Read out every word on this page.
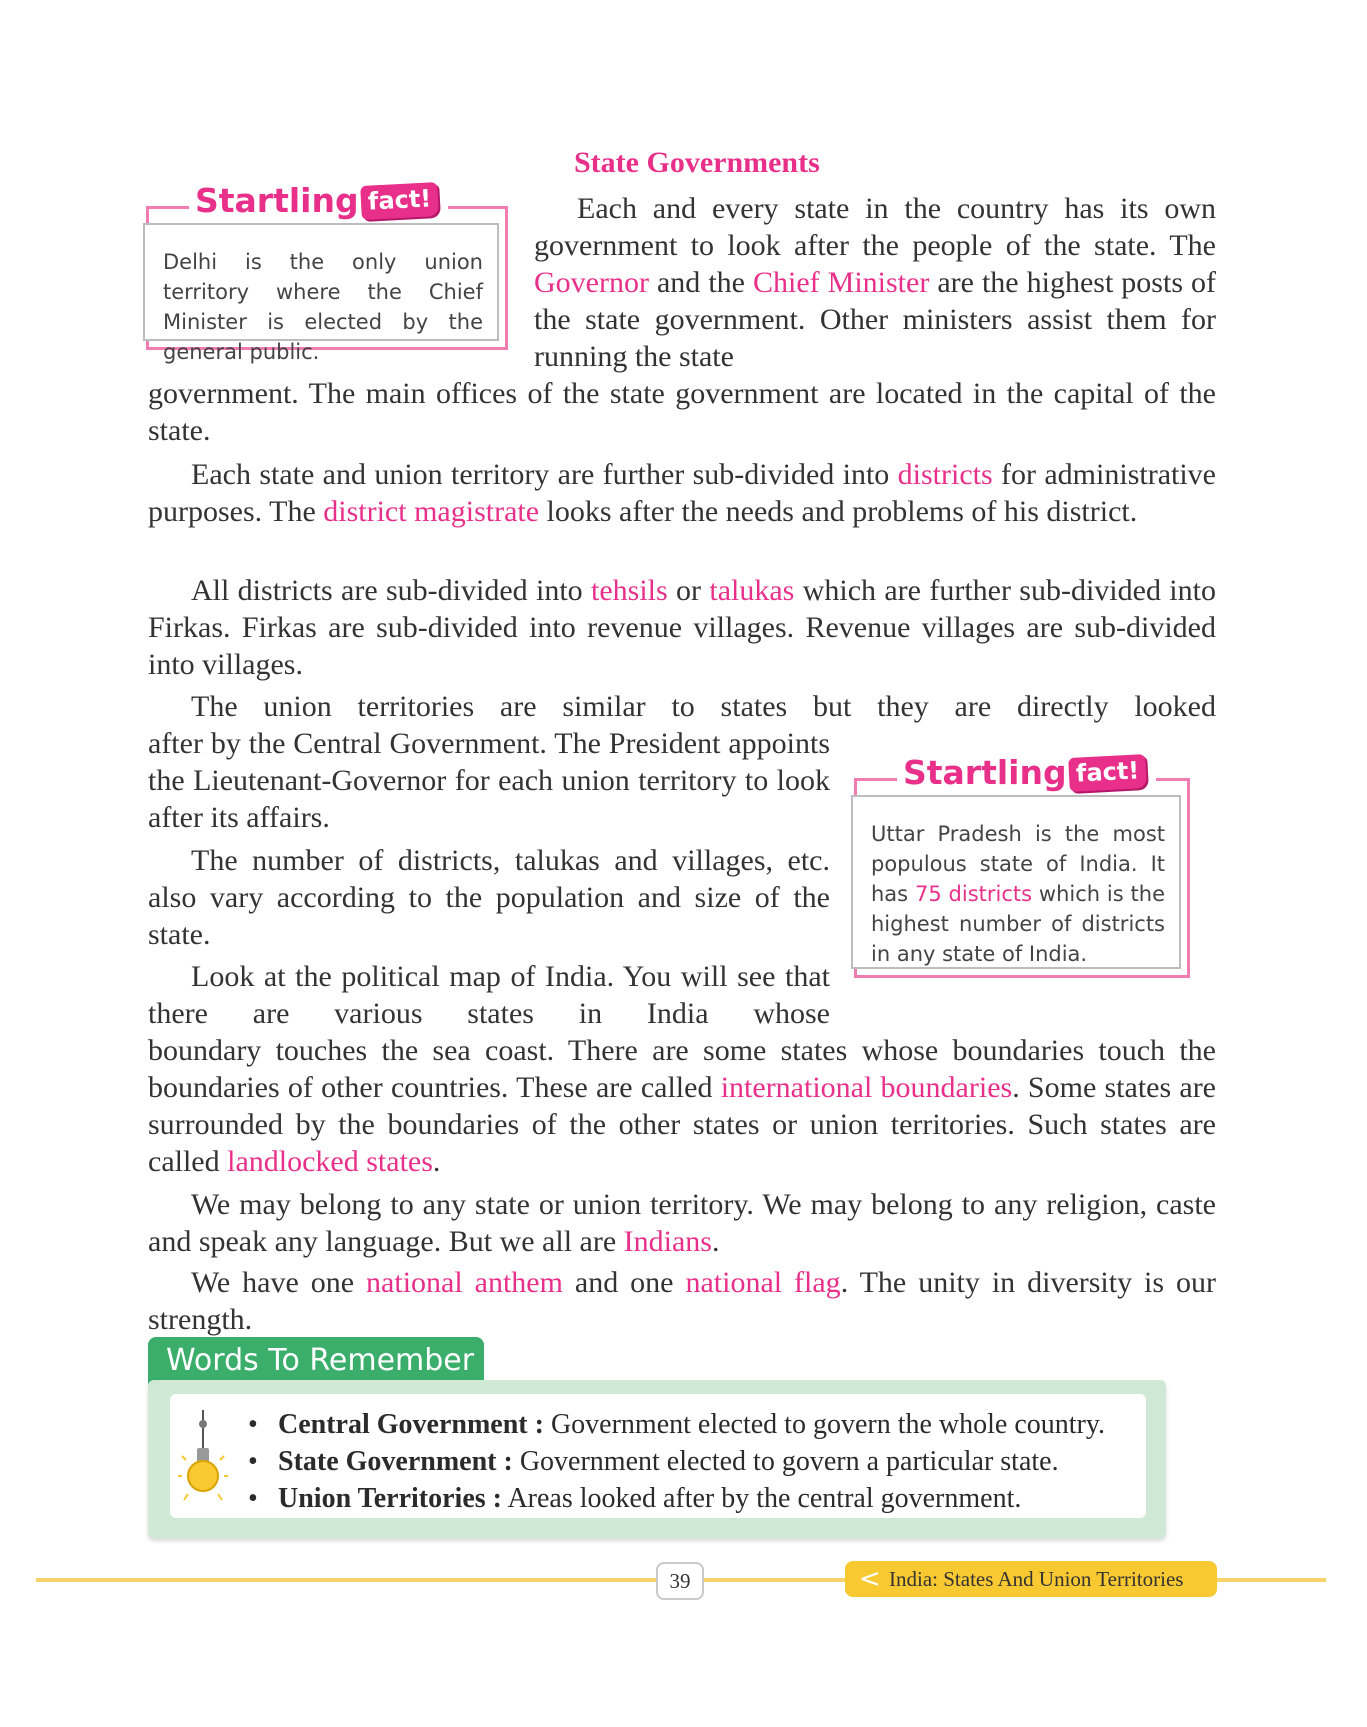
Startling fact!
Delhi is the only union territory where the Chief Minister is elected by the general public.
State Governments

Each and every state in the country has its own government to look after the people of the state. The Governor and the Chief Minister are the highest posts of the state government. Other ministers assist them for running the state

government. The main offices of the state government are located in the capital of the state.

Each state and union territory are further sub-divided into districts for administrative purposes. The district magistrate looks after the needs and problems of his district.

All districts are sub-divided into tehsils or talukas which are further sub-divided into Firkas. Firkas are sub-divided into revenue villages. Revenue villages are sub-divided into villages.

The union territories are similar to states but they are directly looked

after by the Central Government. The President appoints the Lieutenant-Governor for each union territory to look after its affairs.

The number of districts, talukas and villages, etc. also vary according to the population and size of the state.

Startling fact!
Uttar Pradesh is the most populous state of India. It has 75 districts which is the highest number of districts in any state of India.

Look at the political map of India. You will see that there are various states in India whose

boundary touches the sea coast. There are some states whose boundaries touch the boundaries of other countries. These are called international boundaries. Some states are surrounded by the boundaries of the other states or union territories. Such states are called landlocked states.

We may belong to any state or union territory. We may belong to any religion, caste and speak any language. But we all are Indians.

We have one national anthem and one national flag. The unity in diversity is our strength.

Words To Remember
• Central Government : Government elected to govern the whole country.
• State Government : Government elected to govern a particular state.
• Union Territories : Areas looked after by the central government.
39	< India: States And Union Territories
